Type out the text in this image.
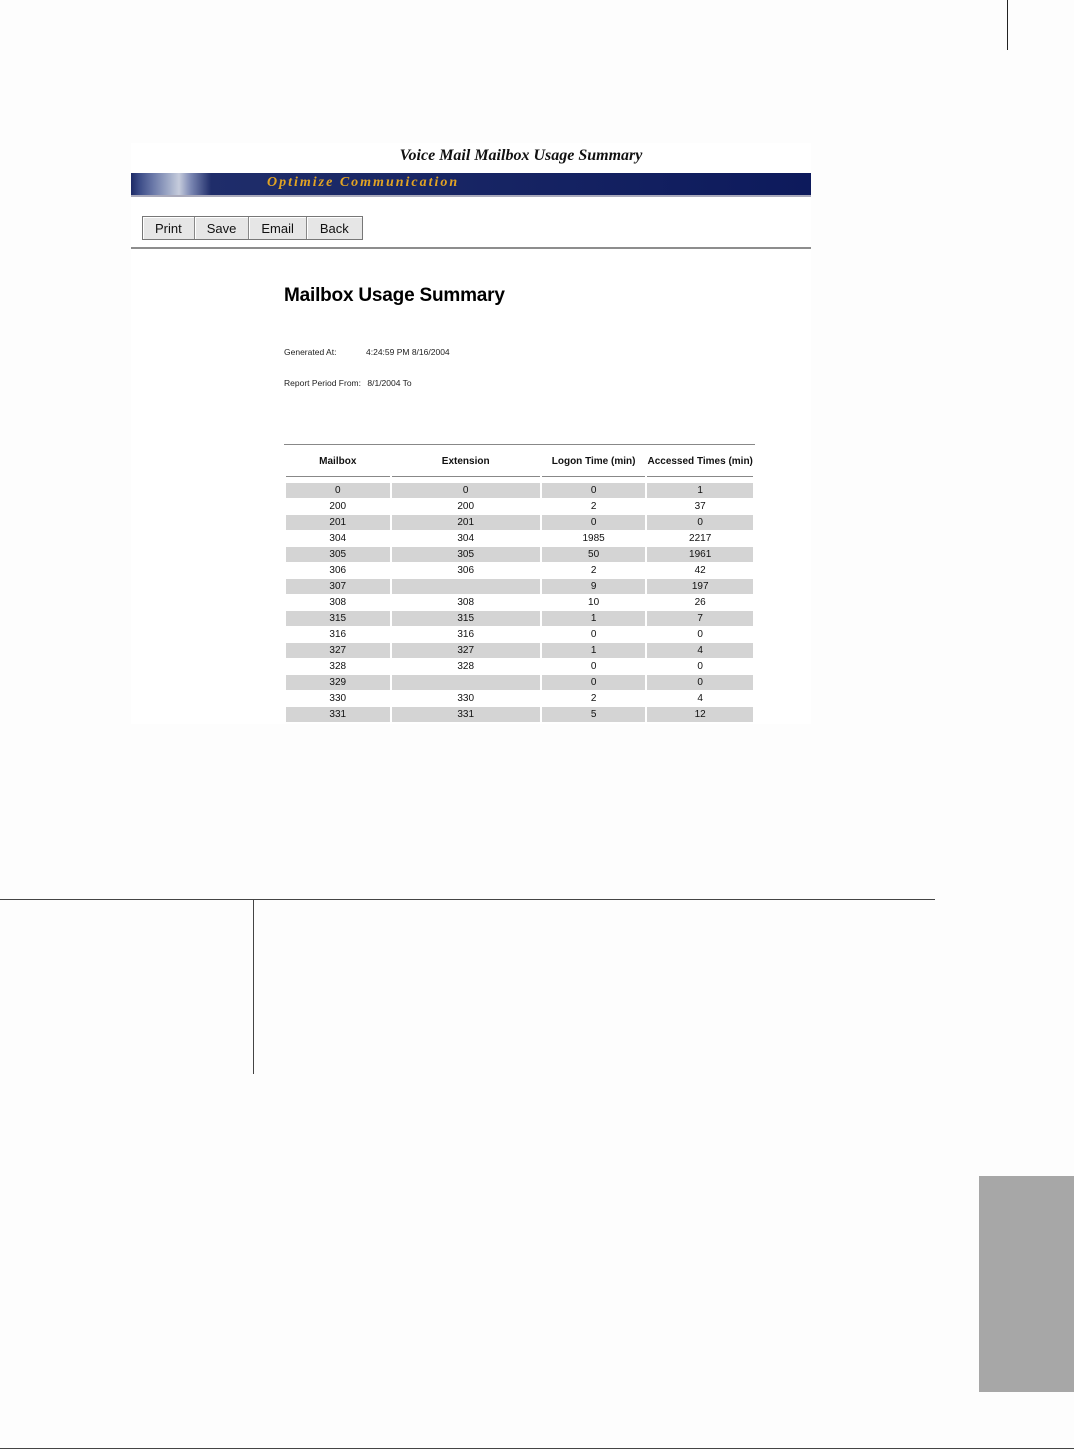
Voice Mail Mailbox Usage Summary
Optimize Communication
Print	Save	Email	Back
Mailbox Usage Summary
Generated At:	4:24:59 PM 8/16/2004
Report Period From: 8/1/2004 To
Mailbox	Extension	Logon Time (min)	Accessed Times (min)

0	0	0	1
200	200	2	37
201	201	0	0
304	304	1985	2217
305	305	50	1961
306	306	2	42
307		9	197
308	308	10	26
315	315	1	7
316	316	0	0
327	327	1	4
328	328	0	0
329		0	0
330	330	2	4
331	331	5	12
